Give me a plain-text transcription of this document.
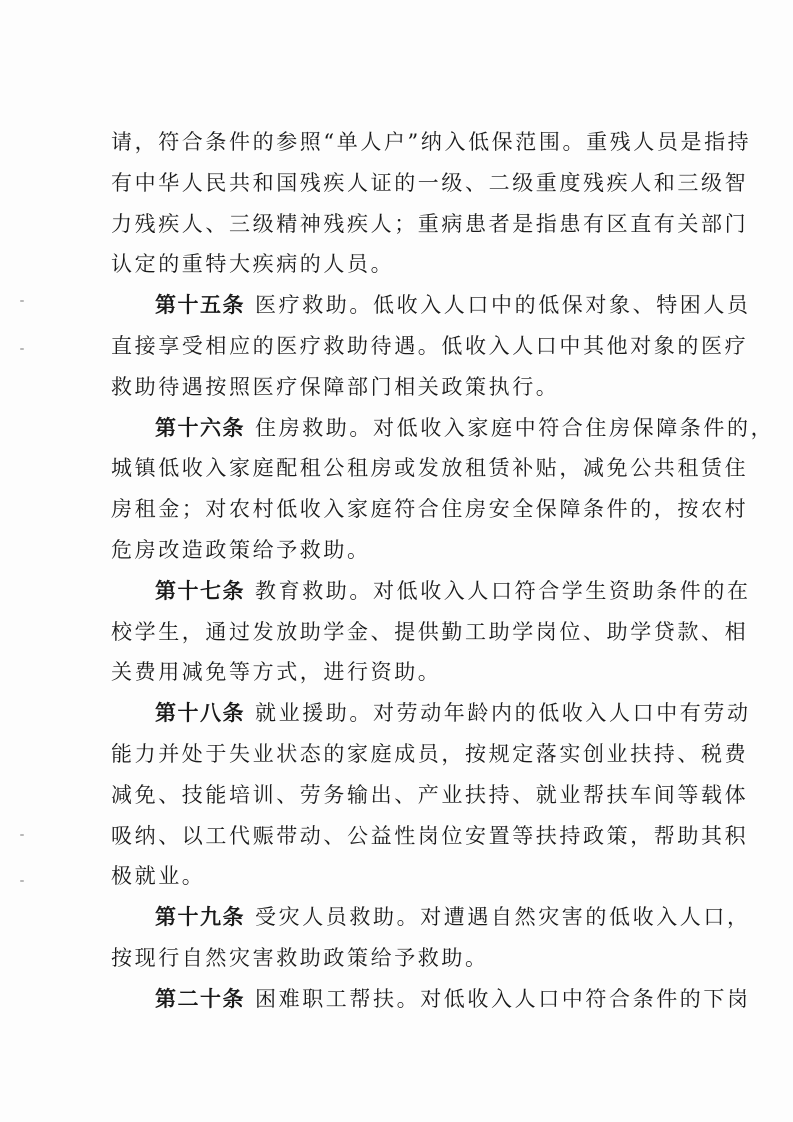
请，符合条件的参照“单人户”纳入低保范围。重残人员是指持
有中华人民共和国残疾人证的一级、二级重度残疾人和三级智
力残疾人、三级精神残疾人；重病患者是指患有区直有关部门
认定的重特大疾病的人员。
第十五条 医疗救助。低收入人口中的低保对象、特困人员
直接享受相应的医疗救助待遇。低收入人口中其他对象的医疗
救助待遇按照医疗保障部门相关政策执行。
第十六条 住房救助。对低收入家庭中符合住房保障条件的，
城镇低收入家庭配租公租房或发放租赁补贴，减免公共租赁住
房租金；对农村低收入家庭符合住房安全保障条件的，按农村
危房改造政策给予救助。
第十七条 教育救助。对低收入人口符合学生资助条件的在
校学生，通过发放助学金、提供勤工助学岗位、助学贷款、相
关费用减免等方式，进行资助。
第十八条 就业援助。对劳动年龄内的低收入人口中有劳动
能力并处于失业状态的家庭成员，按规定落实创业扶持、税费
减免、技能培训、劳务输出、产业扶持、就业帮扶车间等载体
吸纳、以工代赈带动、公益性岗位安置等扶持政策，帮助其积
极就业。
第十九条 受灾人员救助。对遭遇自然灾害的低收入人口，
按现行自然灾害救助政策给予救助。
第二十条 困难职工帮扶。对低收入人口中符合条件的下岗
